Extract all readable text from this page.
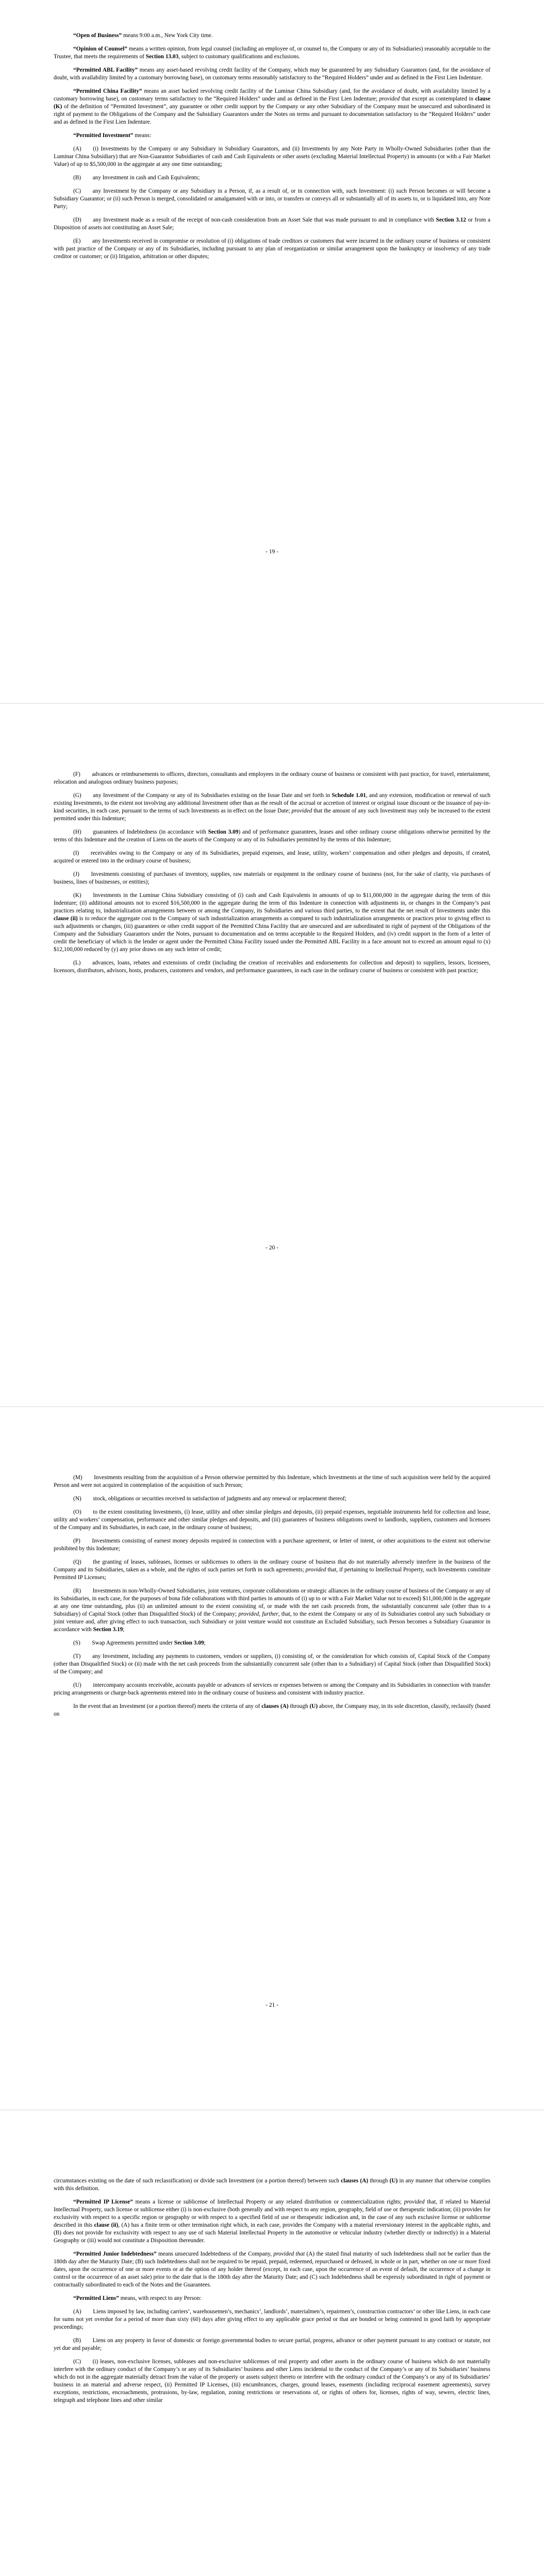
“Open of Business” means 9:00 a.m., New York City time.

“Opinion of Counsel” means a written opinion, from legal counsel (including an employee of, or counsel to, the Company or any of its Subsidiaries) reasonably acceptable to the Trustee, that meets the requirements of Section 13.03, subject to customary qualifications and exclusions.

“Permitted ABL Facility” means any asset-based revolving credit facility of the Company, which may be guaranteed by any Subsidiary Guarantors (and, for the avoidance of doubt, with availability limited by a customary borrowing base), on customary terms reasonably satisfactory to the “Required Holders” under and as defined in the First Lien Indenture.

“Permitted China Facility” means an asset backed revolving credit facility of the Luminar China Subsidiary (and, for the avoidance of doubt, with availability limited by a customary borrowing base), on customary terms satisfactory to the “Required Holders” under and as defined in the First Lien Indenture; provided that except as contemplated in clause (K) of the definition of “Permitted Investment”, any guarantee or other credit support by the Company or any other Subsidiary of the Company must be unsecured and subordinated in right of payment to the Obligations of the Company and the Subsidiary Guarantors under the Notes on terms and pursuant to documentation satisfactory to the “Required Holders” under and as defined in the First Lien Indenture.

“Permitted Investment” means:

(A)  (i) Investments by the Company or any Subsidiary in Subsidiary Guarantors, and (ii) Investments by any Note Party in Wholly-Owned Subsidiaries (other than the Luminar China Subsidiary) that are Non-Guarantor Subsidiaries of cash and Cash Equivalents or other assets (excluding Material Intellectual Property) in amounts (or with a Fair Market Value) of up to $5,500,000 in the aggregate at any one time outstanding;

(B)  any Investment in cash and Cash Equivalents;

(C)  any Investment by the Company or any Subsidiary in a Person, if, as a result of, or in connection with, such Investment: (i) such Person becomes or will become a Subsidiary Guarantor; or (ii) such Person is merged, consolidated or amalgamated with or into, or transfers or conveys all or substantially all of its assets to, or is liquidated into, any Note Party;

(D)  any Investment made as a result of the receipt of non-cash consideration from an Asset Sale that was made pursuant to and in compliance with Section 3.12 or from a Disposition of assets not constituting an Asset Sale;

(E)  any Investments received in compromise or resolution of (i) obligations of trade creditors or customers that were incurred in the ordinary course of business or consistent with past practice of the Company or any of its Subsidiaries, including pursuant to any plan of reorganization or similar arrangement upon the bankruptcy or insolvency of any trade creditor or customer; or (ii) litigation, arbitration or other disputes;

- 19 -

(F)  advances or reimbursements to officers, directors, consultants and employees in the ordinary course of business or consistent with past practice, for travel, entertainment, relocation and analogous ordinary business purposes;

(G)  any Investment of the Company or any of its Subsidiaries existing on the Issue Date and set forth in Schedule 1.01, and any extension, modification or renewal of such existing Investments, to the extent not involving any additional Investment other than as the result of the accrual or accretion of interest or original issue discount or the issuance of pay-in-kind securities, in each case, pursuant to the terms of such Investments as in effect on the Issue Date; provided that the amount of any such Investment may only be increased to the extent permitted under this Indenture;

(H)  guarantees of Indebtedness (in accordance with Section 3.09) and of performance guarantees, leases and other ordinary course obligations otherwise permitted by the terms of this Indenture and the creation of Liens on the assets of the Company or any of its Subsidiaries permitted by the terms of this Indenture;

(I)  receivables owing to the Company or any of its Subsidiaries, prepaid expenses, and lease, utility, workers’ compensation and other pledges and deposits, if created, acquired or entered into in the ordinary course of business;

(J)  Investments consisting of purchases of inventory, supplies, raw materials or equipment in the ordinary course of business (not, for the sake of clarity, via purchases of business, lines of businesses, or entities);

(K)  Investments in the Luminar China Subsidiary consisting of (i) cash and Cash Equivalents in amounts of up to $11,000,000 in the aggregate during the term of this Indenture; (ii) additional amounts not to exceed $16,500,000 in the aggregate during the term of this Indenture in connection with adjustments in, or changes in the Company’s past practices relating to, industrialization arrangements between or among the Company, its Subsidiaries and various third parties, to the extent that the net result of Investments under this clause (ii) is to reduce the aggregate cost to the Company of such industrialization arrangements as compared to such industrialization arrangements or practices prior to giving effect to such adjustments or changes, (iii) guarantees or other credit support of the Permitted China Facility that are unsecured and are subordinated in right of payment of the Obligations of the Company and the Subsidiary Guarantors under the Notes, pursuant to documentation and on terms acceptable to the Required Holders, and (iv) credit support in the form of a letter of credit the beneficiary of which is the lender or agent under the Permitted China Facility issued under the Permitted ABL Facility in a face amount not to exceed an amount equal to (x) $12,100,000 reduced by (y) any prior draws on any such letter of credit;

(L)  advances, loans, rebates and extensions of credit (including the creation of receivables and endorsements for collection and deposit) to suppliers, lessors, licensees, licensors, distributors, advisors, hosts, producers, customers and vendors, and performance guarantees, in each case in the ordinary course of business or consistent with past practice;

- 20 -

(M)  Investments resulting from the acquisition of a Person otherwise permitted by this Indenture, which Investments at the time of such acquisition were held by the acquired Person and were not acquired in contemplation of the acquisition of such Person;

(N)  stock, obligations or securities received in satisfaction of judgments and any renewal or replacement thereof;

(O)  to the extent constituting Investments, (i) lease, utility and other similar pledges and deposits, (ii) prepaid expenses, negotiable instruments held for collection and lease, utility and workers’ compensation, performance and other similar pledges and deposits, and (iii) guarantees of business obligations owed to landlords, suppliers, customers and licensees of the Company and its Subsidiaries, in each case, in the ordinary course of business;

(P)  Investments consisting of earnest money deposits required in connection with a purchase agreement, or letter of intent, or other acquisitions to the extent not otherwise prohibited by this Indenture;

(Q)  the granting of leases, subleases, licenses or sublicenses to others in the ordinary course of business that do not materially adversely interfere in the business of the Company and its Subsidiaries, taken as a whole, and the rights of such parties set forth in such agreements; provided that, if pertaining to Intellectual Property, such Investments constitute Permitted IP Licenses;

(R)  Investments in non-Wholly-Owned Subsidiaries, joint ventures, corporate collaborations or strategic alliances in the ordinary course of business of the Company or any of its Subsidiaries, in each case, for the purposes of bona fide collaborations with third parties in amounts of (i) up to or with a Fair Market Value not to exceed) $11,000,000 in the aggregate at any one time outstanding, plus (ii) an unlimited amount to the extent consisting of, or made with the net cash proceeds from, the substantially concurrent sale (other than to a Subsidiary) of Capital Stock (other than Disqualified Stock) of the Company; provided, further, that, to the extent the Company or any of its Subsidiaries control any such Subsidiary or joint venture and, after giving effect to such transaction, such Subsidiary or joint venture would not constitute an Excluded Subsidiary, such Person becomes a Subsidiary Guarantor in accordance with Section 3.19;

(S)  Swap Agreements permitted under Section 3.09;

(T)  any Investment, including any payments to customers, vendors or suppliers, (i) consisting of, or the consideration for which consists of, Capital Stock of the Company (other than Disqualified Stock) or (ii) made with the net cash proceeds from the substantially concurrent sale (other than to a Subsidiary) of Capital Stock (other than Disqualified Stock) of the Company; and

(U)  intercompany accounts receivable, accounts payable or advances of services or expenses between or among the Company and its Subsidiaries in connection with transfer pricing arrangements or charge-back agreements entered into in the ordinary course of business and consistent with industry practice.

In the event that an Investment (or a portion thereof) meets the criteria of any of clauses (A) through (U) above, the Company may, in its sole discretion, classify, reclassify (based on

- 21 -

circumstances existing on the date of such reclassification) or divide such Investment (or a portion thereof) between such clauses (A) through (U) in any manner that otherwise complies with this definition.

“Permitted IP License” means a license or sublicense of Intellectual Property or any related distribution or commercialization rights; provided that, if related to Material Intellectual Property, such license or sublicense either (i) is non-exclusive (both generally and with respect to any region, geography, field of use or therapeutic indication; (ii) provides for exclusivity with respect to a specific region or geography or with respect to a specified field of use or therapeutic indication and, in the case of any such exclusive license or sublicense described in this clause (ii), (A) has a finite term or other termination right which, in each case, provides the Company with a material reversionary interest in the applicable rights, and (B) does not provide for exclusivity with respect to any use of such Material Intellectual Property in the automotive or vehicular industry (whether directly or indirectly) in a Material Geography or (iii) would not constitute a Disposition thereunder.

“Permitted Junior Indebtedness” means unsecured Indebtedness of the Company, provided that (A) the stated final maturity of such Indebtedness shall not be earlier than the 180th day after the Maturity Date; (B) such Indebtedness shall not be required to be repaid, prepaid, redeemed, repurchased or defeased, in whole or in part, whether on one or more fixed dates, upon the occurrence of one or more events or at the option of any holder thereof (except, in each case, upon the occurrence of an event of default, the occurrence of a change in control or the occurrence of an asset sale) prior to the date that is the 180th day after the Maturity Date; and (C) such Indebtedness shall be expressly subordinated in right of payment or contractually subordinated to each of the Notes and the Guarantees.

“Permitted Liens” means, with respect to any Person:

(A)  Liens imposed by law, including carriers’, warehousemen’s, mechanics’, landlords’, materialmen’s, repairmen’s, construction contractors’ or other like Liens, in each case for sums not yet overdue for a period of more than sixty (60) days after giving effect to any applicable grace period or that are bonded or being contested in good faith by appropriate proceedings;

(B)  Liens on any property in favor of domestic or foreign governmental bodies to secure partial, progress, advance or other payment pursuant to any contract or statute, not yet due and payable;

(C)  (i) leases, non-exclusive licenses, subleases and non-exclusive sublicenses of real property and other assets in the ordinary course of business which do not materially interfere with the ordinary conduct of the Company’s or any of its Subsidiaries’ business and other Liens incidental to the conduct of the Company’s or any of its Subsidiaries’ business which do not in the aggregate materially detract from the value of the property or assets subject thereto or interfere with the ordinary conduct of the Company’s or any of its Subsidiaries’ business in an material and adverse respect, (ii) Permitted IP Licenses, (iii) encumbrances, charges, ground leases, easements (including reciprocal easement agreements), survey exceptions, restrictions, encroachments, protrusions, by-law, regulation, zoning restrictions or reservations of, or rights of others for, licenses, rights of way, sewers, electric lines, telegraph and telephone lines and other similar
